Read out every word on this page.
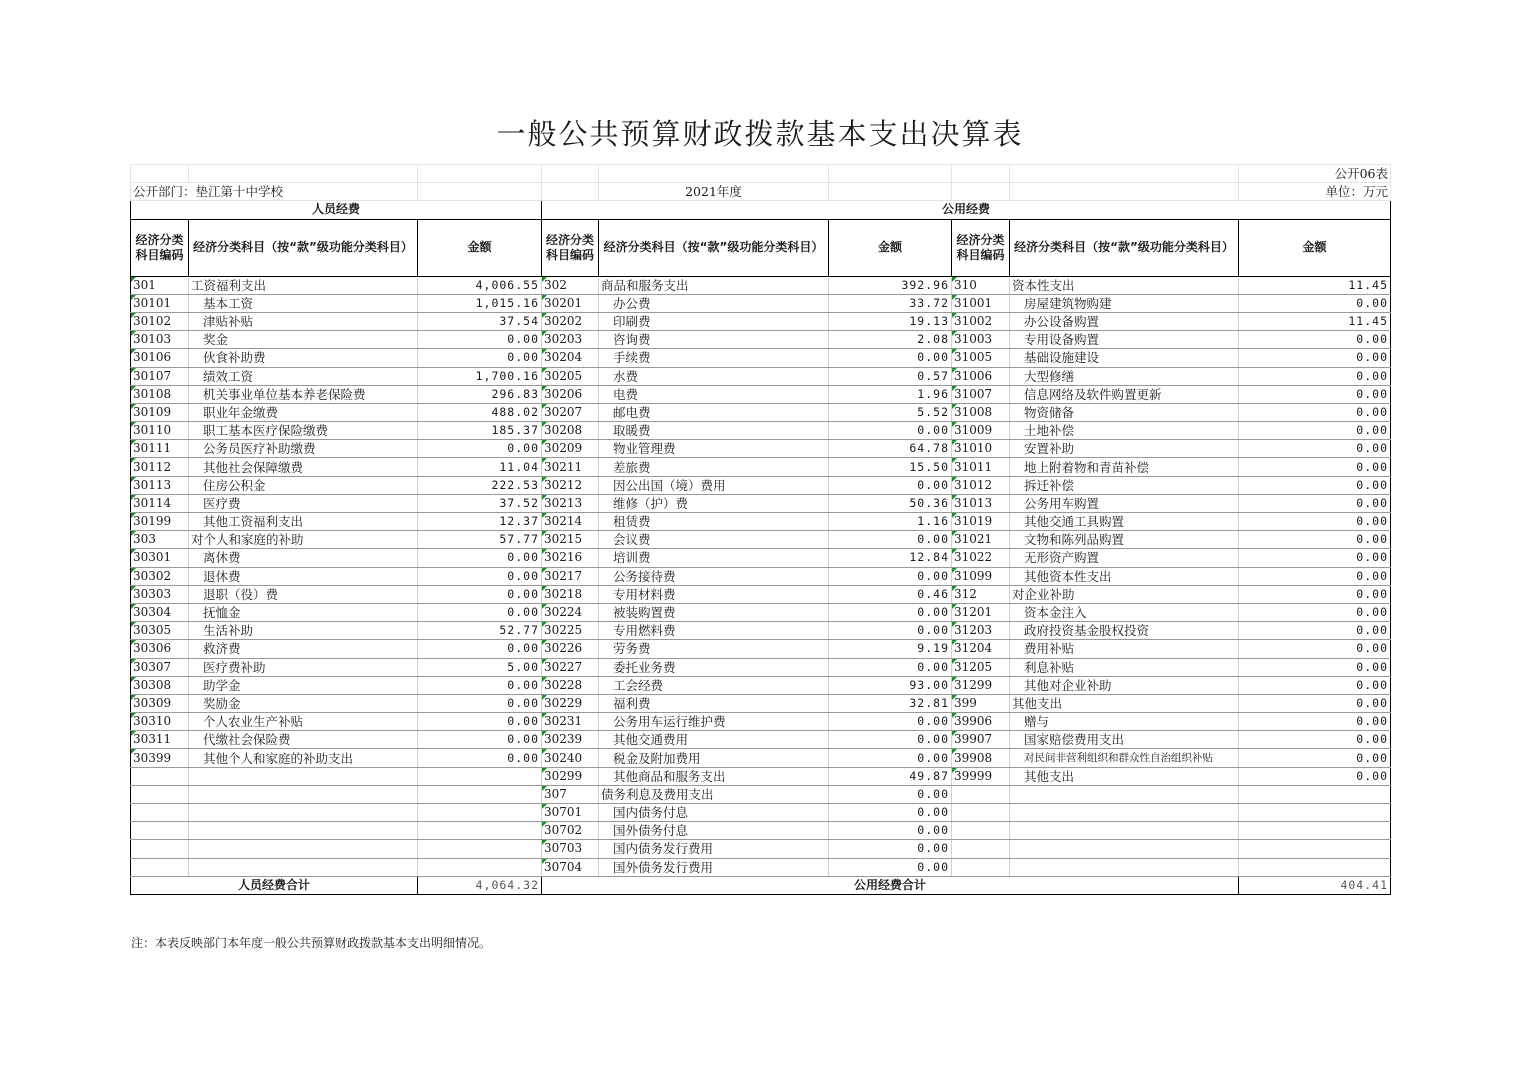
一般公共预算财政拨款基本支出决算表
								公开06表
公开部门：垫江第十中学校				2021年度				单位：万元
人员经费			公用经费					
经济分类科目编码	经济分类科目（按“款”级功能分类科目）	金额	经济分类科目编码	经济分类科目（按“款”级功能分类科目）	金额	经济分类科目编码	经济分类科目（按“款”级功能分类科目）	金额
301	工资福利支出	4,006.55	302	商品和服务支出	392.96	310	资本性支出	11.45
30101	基本工资	1,015.16	30201	办公费	33.72	31001	房屋建筑物购建	0.00
30102	津贴补贴	37.54	30202	印刷费	19.13	31002	办公设备购置	11.45
30103	奖金	0.00	30203	咨询费	2.08	31003	专用设备购置	0.00
30106	伙食补助费	0.00	30204	手续费	0.00	31005	基础设施建设	0.00
30107	绩效工资	1,700.16	30205	水费	0.57	31006	大型修缮	0.00
30108	机关事业单位基本养老保险费	296.83	30206	电费	1.96	31007	信息网络及软件购置更新	0.00
30109	职业年金缴费	488.02	30207	邮电费	5.52	31008	物资储备	0.00
30110	职工基本医疗保险缴费	185.37	30208	取暖费	0.00	31009	土地补偿	0.00
30111	公务员医疗补助缴费	0.00	30209	物业管理费	64.78	31010	安置补助	0.00
30112	其他社会保障缴费	11.04	30211	差旅费	15.50	31011	地上附着物和青苗补偿	0.00
30113	住房公积金	222.53	30212	因公出国（境）费用	0.00	31012	拆迁补偿	0.00
30114	医疗费	37.52	30213	维修（护）费	50.36	31013	公务用车购置	0.00
30199	其他工资福利支出	12.37	30214	租赁费	1.16	31019	其他交通工具购置	0.00
303	对个人和家庭的补助	57.77	30215	会议费	0.00	31021	文物和陈列品购置	0.00
30301	离休费	0.00	30216	培训费	12.84	31022	无形资产购置	0.00
30302	退休费	0.00	30217	公务接待费	0.00	31099	其他资本性支出	0.00
30303	退职（役）费	0.00	30218	专用材料费	0.46	312	对企业补助	0.00
30304	抚恤金	0.00	30224	被装购置费	0.00	31201	资本金注入	0.00
30305	生活补助	52.77	30225	专用燃料费	0.00	31203	政府投资基金股权投资	0.00
30306	救济费	0.00	30226	劳务费	9.19	31204	费用补贴	0.00
30307	医疗费补助	5.00	30227	委托业务费	0.00	31205	利息补贴	0.00
30308	助学金	0.00	30228	工会经费	93.00	31299	其他对企业补助	0.00
30309	奖励金	0.00	30229	福利费	32.81	399	其他支出	0.00
30310	个人农业生产补贴	0.00	30231	公务用车运行维护费	0.00	39906	赠与	0.00
30311	代缴社会保险费	0.00	30239	其他交通费用	0.00	39907	国家赔偿费用支出	0.00
30399	其他个人和家庭的补助支出	0.00	30240	税金及附加费用	0.00	39908	对民间非营利组织和群众性自治组织补贴	0.00
			30299	其他商品和服务支出	49.87	39999	其他支出	0.00
			307	债务利息及费用支出	0.00			
			30701	国内债务付息	0.00			
			30702	国外债务付息	0.00			
			30703	国内债务发行费用	0.00			
			30704	国外债务发行费用	0.00			
人员经费合计		4,064.32	公用经费合计					404.41
注：本表反映部门本年度一般公共预算财政拨款基本支出明细情况。
